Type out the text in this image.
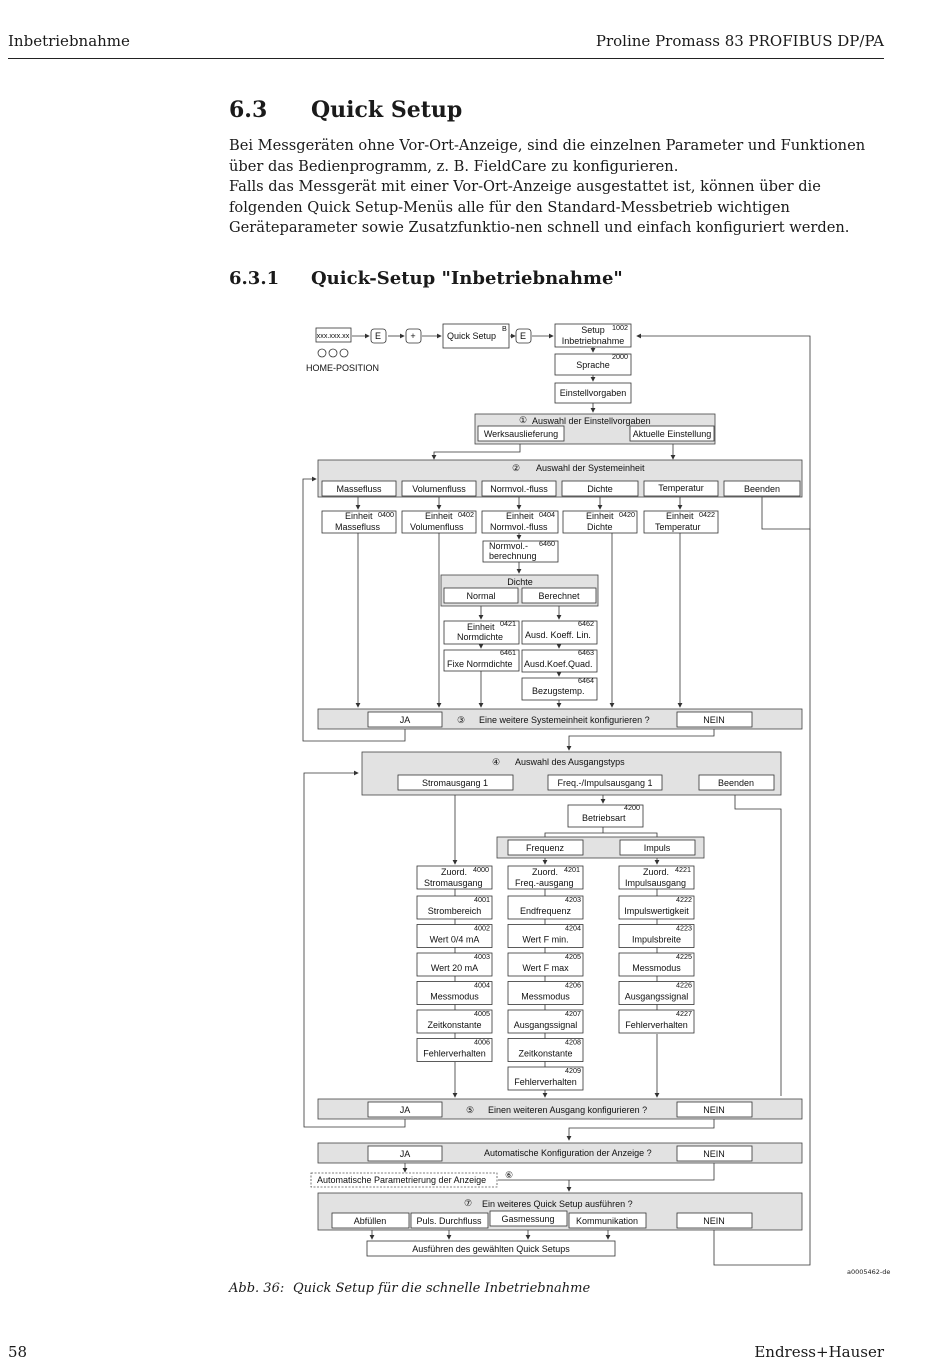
Inbetriebnahme	Proline Promass 83 PROFIBUS DP/PA
6.3 Quick Setup

Bei Messgeräten ohne Vor-Ort-Anzeige, sind die einzelnen Parameter und Funktionen über das Bedienprogramm, z. B. FieldCare zu konfigurieren.

Falls das Messgerät mit einer Vor-Ort-Anzeige ausgestattet ist, können über die folgenden Quick Setup-Menüs alle für den Standard-Messbetrieb wichtigen Geräteparameter sowie Zusatzfunktio-nen schnell und einfach konfiguriert werden.

6.3.1 Quick-Setup "Inbetriebnahme"
xxx.xxx.xx
HOME-POSITION
E	+	Quick Setup
B
E
Setup
Inbetriebnahme
1002
Sprache
2000
Einstellvorgaben
① Auswahl der Einstellvorgaben
Werksauslieferung	Aktuelle Einstellung
② Auswahl der Systemeinheit
Massefluss	Volumenfluss	Normvol.-fluss	Dichte	Temperatur	Beenden
Einheit
Massefluss
0400	Einheit
Volumenfluss
0402	Einheit
Normvol.-fluss
0404	Einheit
Dichte
0420	Einheit
Temperatur
0422
Normvol.-
berechnung
6460
Dichte
Normal	Berechnet
Einheit
Normdichte
0421
Fixe Normdichte
6461
Ausd. Koeff. Lin.
6462
Ausd.Koef.Quad.
6463
Bezugstemp.
6464
JA	③ Eine weitere Systemeinheit konfigurieren ?	NEIN
④ Auswahl des Ausgangstyps
Stromausgang 1	Freq.-/Impulsausgang 1	Beenden
Betriebsart
4200
Frequenz	Impuls
Zuord.
Stromausgang
4000	Zuord.
Freq.-ausgang
4201	Zuord.
Impulsausgang
4221
4001
Strombereich
4002
Wert 0/4 mA
4003
Wert 20 mA
4004
Messmodus
4005
Zeitkonstante
4006
Fehlerverhalten
4203
Endfrequenz
4204
Wert F min.
4205
Wert F max
4206
Messmodus
4207
Ausgangssignal
4208
Zeitkonstante
4209
Fehlerverhalten
4222
Impulswertigkeit
4223
Impulsbreite
4225
Messmodus
4226
Ausgangssignal
4227
Fehlerverhalten
JA	⑤ Einen weiteren Ausgang konfigurieren ?	NEIN
JA	Automatische Konfiguration der Anzeige ?	NEIN
Automatische Parametrierung der Anzeige ⑥
⑦ Ein weiteres Quick Setup ausführen ?
Abfüllen	Puls. Durchfluss Gasmessung Kommunikation	NEIN
Ausführen des gewählten Quick Setups
a0005462-de
Abb. 36: Quick Setup für die schnelle Inbetriebnahme
58	Endress+Hauser
